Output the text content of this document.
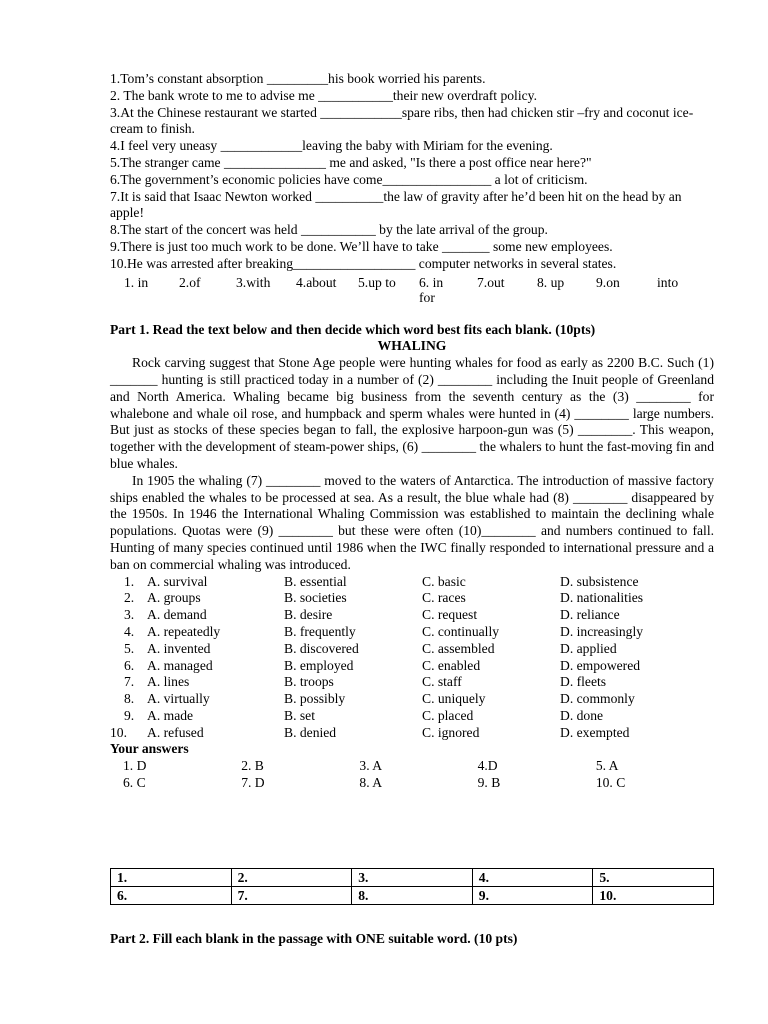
1.Tom’s constant absorption _________his book worried his parents.
2. The bank wrote to me to advise me ___________their new overdraft policy.
3.At the Chinese restaurant we started ____________spare ribs, then had chicken stir –fry and coconut ice- cream to finish.
4.I feel very uneasy ____________leaving the baby with Miriam for the evening.
5.The stranger came _______________ me and asked, "Is there a post office near here?"
6.The government’s economic policies have come________________ a lot of criticism.
7.It is said that Isaac Newton worked __________the law of gravity after he’d been hit on the head by an apple!
8.The start of the concert was held ___________ by the late arrival of the group.
9.There is just too much work to be done. We’ll have to take _______ some new employees.
10.He was arrested after breaking__________________ computer networks in several states.
1. in	2.of	3.with	4.about	5.up to	6. in for
7.out	8. up	9.on	into
Part 1. Read the text below and then decide which word best fits each blank. (10pts)
WHALING
Rock carving suggest that Stone Age people were hunting whales for food as early as 2200 B.C. Such (1) _______ hunting is still practiced today in a number of (2) ________ including the Inuit people of Greenland and North America. Whaling became big business from the seventh century as the (3) ________ for whalebone and whale oil rose, and humpback and sperm whales were hunted in (4) ________ large numbers. But just as stocks of these species began to fall, the explosive harpoon-gun was (5) ________. This weapon, together with the development of steam-power ships, (6) ________ the whalers to hunt the fast-moving fin and blue whales.
In 1905 the whaling (7) ________ moved to the waters of Antarctica. The introduction of massive factory ships enabled the whales to be processed at sea. As a result, the blue whale had (8) ________ disappeared by the 1950s. In 1946 the International Whaling Commission was established to maintain the declining whale populations. Quotas were (9) ________ but these were often (10)________ and numbers continued to fall. Hunting of many species continued until 1986 when the IWC finally responded to international pressure and a ban on commercial whaling was introduced.
1. A. survival	B. essential	C. basic	D. subsistence
2. A. groups	B. societies	C. races	D. nationalities
3. A. demand	B. desire	C. request	D. reliance
4. A. repeatedly	B. frequently	C. continually	D. increasingly
5. A. invented	B. discovered	C. assembled	D. applied
6. A. managed	B. employed	C. enabled	D. empowered
7. A. lines	B. troops	C. staff	D. fleets
8. A. virtually	B. possibly	C. uniquely	D. commonly
9. A. made	B. set	C. placed	D. done
10.	A. refused	B. denied	C. ignored	D. exempted
Your answers
1. D	2. B	3. A	4.D	5. A
6. C	7. D	8. A	9. B	10. C
1.	2.	3.	4.	5.
6.	7.	8.	9.	10.
Part 2. Fill each blank in the passage with ONE suitable word. (10 pts)
